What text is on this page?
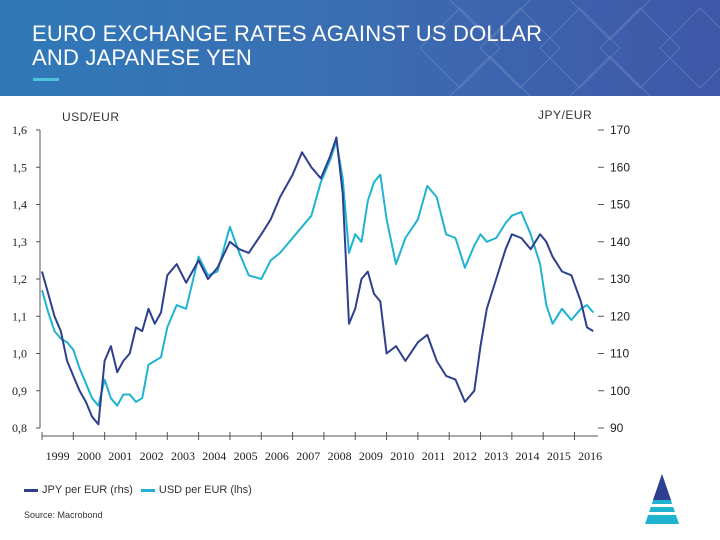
EURO EXCHANGE RATES AGAINST US DOLLAR
AND JAPANESE YEN
USD/EUR	JPY/EUR
1,6
1,5
1,4
1,3
1,2
1,1
1,0
0,9
0,8
170
160
150
140
130
120
110
100
90
1999 2000 2001 2002 2003 2004 2005 2006 2007 2008 2009 2010 2011 2012 2013 2014 2015 2016
JPY per EUR (rhs) USD per EUR (lhs)
Source: Macrobond
